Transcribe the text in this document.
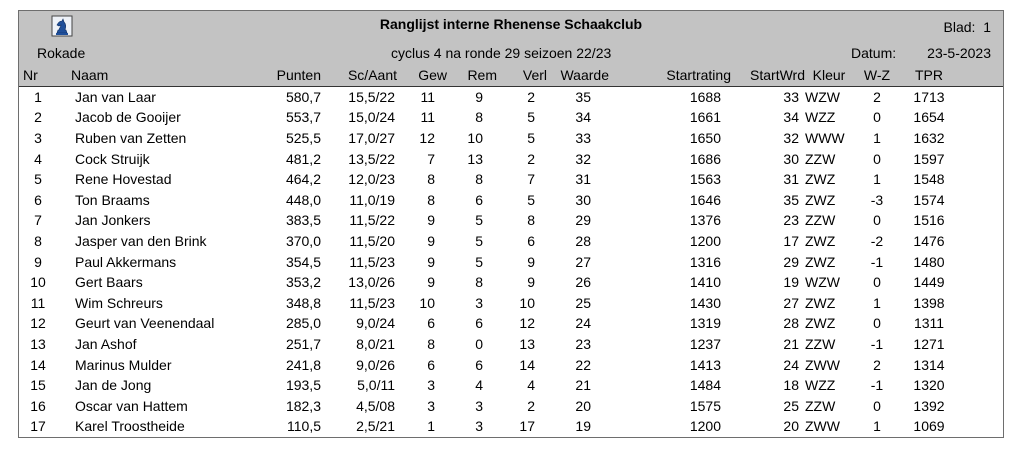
Ranglijst interne Rhenense Schaakclub	Blad: 1
Rokade	cyclus 4 na ronde 29 seizoen 22/23	Datum: 23-5-2023
Nr	Naam	Punten	Sc/Aant	Gew	Rem	Verl	Waarde	Startrating	StartWrd	Kleur	W-Z	TPR	
1	Jan van Laar	580,7	15,5/22	11	9	2	35	1688	33	WZW	2	1713	
2	Jacob de Gooijer	553,7	15,0/24	11	8	5	34	1661	34	WZZ	0	1654	
3	Ruben van Zetten	525,5	17,0/27	12	10	5	33	1650	32	WWW	1	1632	
4	Cock Struijk	481,2	13,5/22	7	13	2	32	1686	30	ZZW	0	1597	
5	Rene Hovestad	464,2	12,0/23	8	8	7	31	1563	31	ZWZ	1	1548	
6	Ton Braams	448,0	11,0/19	8	6	5	30	1646	35	ZWZ	-3	1574	
7	Jan Jonkers	383,5	11,5/22	9	5	8	29	1376	23	ZZW	0	1516	
8	Jasper van den Brink	370,0	11,5/20	9	5	6	28	1200	17	ZWZ	-2	1476	
9	Paul Akkermans	354,5	11,5/23	9	5	9	27	1316	29	ZWZ	-1	1480	
10	Gert Baars	353,2	13,0/26	9	8	9	26	1410	19	WZW	0	1449	
11	Wim Schreurs	348,8	11,5/23	10	3	10	25	1430	27	ZWZ	1	1398	
12	Geurt van Veenendaal	285,0	9,0/24	6	6	12	24	1319	28	ZWZ	0	1311	
13	Jan Ashof	251,7	8,0/21	8	0	13	23	1237	21	ZZW	-1	1271	
14	Marinus Mulder	241,8	9,0/26	6	6	14	22	1413	24	ZWW	2	1314	
15	Jan de Jong	193,5	5,0/11	3	4	4	21	1484	18	WZZ	-1	1320	
16	Oscar van Hattem	182,3	4,5/08	3	3	2	20	1575	25	ZZW	0	1392	
17	Karel Troostheide	110,5	2,5/21	1	3	17	19	1200	20	ZWW	1	1069	
